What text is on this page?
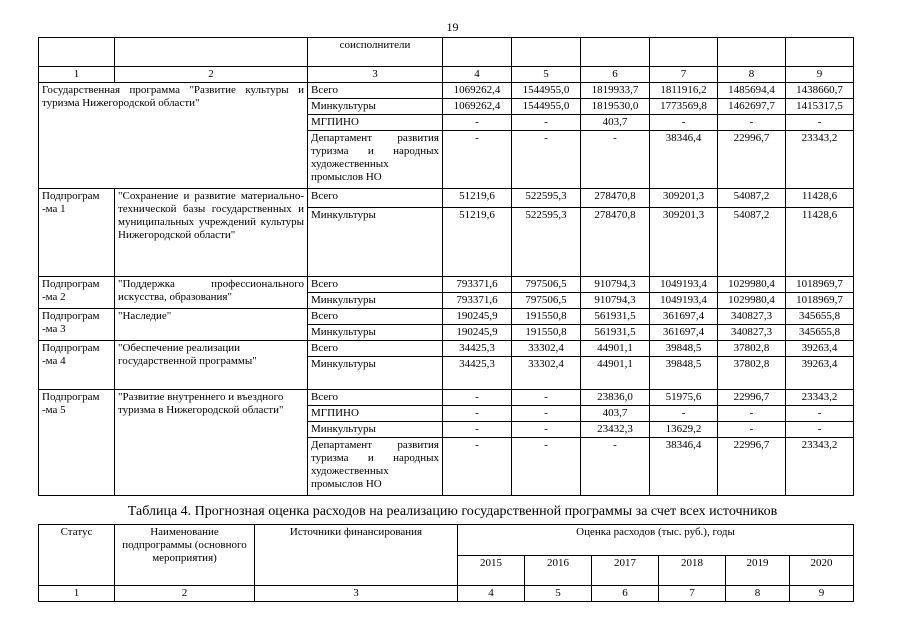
19
		соисполнители						
1	2	3	4	5	6	7	8	9
Государственная программа "Развитие культуры и туризма Нижегородской области"		Всего	1069262,4	1544955,0	1819933,7	1811916,2	1485694,4	1438660,7
		Минкультуры	1069262,4	1544955,0	1819530,0	1773569,8	1462697,7	1415317,5
		МГПИНО	-	-	403,7	-	-	-
		Департамент развития туризма и народных художественных промыслов НО	-	-	-	38346,4	22996,7	23343,2
Подпрограм -ма 1	"Сохранение и развитие материально-технической базы государственных и муниципальных учреждений культуры Нижегородской области"	Всего	51219,6	522595,3	278470,8	309201,3	54087,2	11428,6
		Минкультуры	51219,6	522595,3	278470,8	309201,3	54087,2	11428,6
Подпрограм -ма 2	"Поддержка профессионального искусства, образования"	Всего	793371,6	797506,5	910794,3	1049193,4	1029980,4	1018969,7
		Минкультуры	793371,6	797506,5	910794,3	1049193,4	1029980,4	1018969,7
Подпрограм -ма 3	"Наследие"	Всего	190245,9	191550,8	561931,5	361697,4	340827,3	345655,8
		Минкультуры	190245,9	191550,8	561931,5	361697,4	340827,3	345655,8
Подпрограм -ма 4	"Обеспечение реализации государственной программы"	Всего	34425,3	33302,4	44901,1	39848,5	37802,8	39263,4
		Минкультуры	34425,3	33302,4	44901,1	39848,5	37802,8	39263,4
Подпрограм -ма 5	"Развитие внутреннего и въездного туризма в Нижегородской области"	Всего	-	-	23836,0	51975,6	22996,7	23343,2
		МГПИНО	-	-	403,7	-	-	-
		Минкультуры	-	-	23432,3	13629,2	-	-
		Департамент развития туризма и народных художественных промыслов НО	-	-	-	38346,4	22996,7	23343,2
Таблица 4. Прогнозная оценка расходов на реализацию государственной программы за счет всех источников
Статус	Наименование подпрограммы (основного мероприятия)	Источники финансирования	Оценка расходов (тыс. руб.), годы					
			2015	2016	2017	2018	2019	2020
1	2	3	4	5	6	7	8	9
